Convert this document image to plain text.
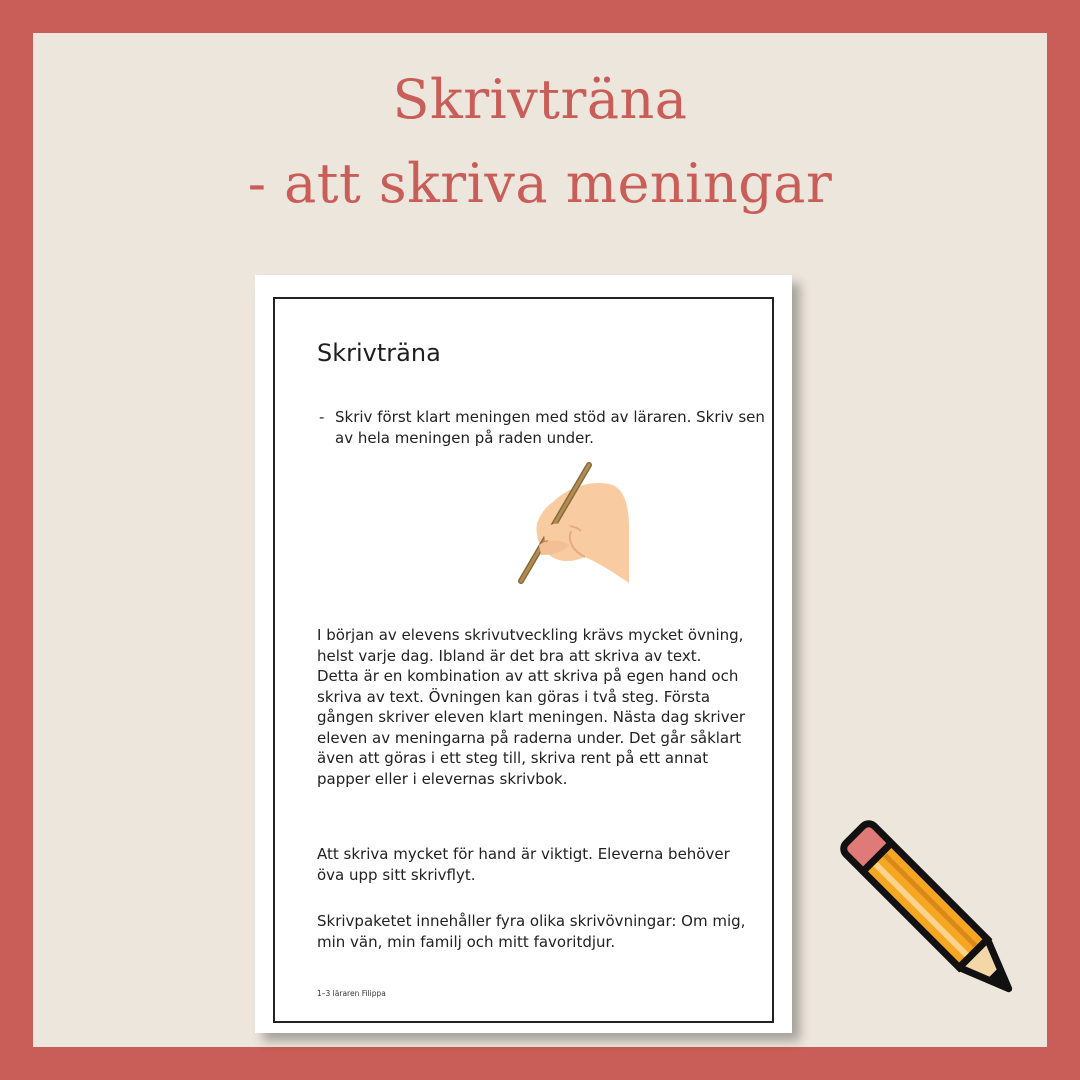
Skrivträna
- att skriva meningar
Skrivträna
- Skriv först klart meningen med stöd av läraren. Skriv sen av hela meningen på raden under.
I början av elevens skrivutveckling krävs mycket övning, helst varje dag. Ibland är det bra att skriva av text. Detta är en kombination av att skriva på egen hand och skriva av text. Övningen kan göras i två steg. Första gången skriver eleven klart meningen. Nästa dag skriver eleven av meningarna på raderna under. Det går såklart även att göras i ett steg till, skriva rent på ett annat papper eller i elevernas skrivbok.
Att skriva mycket för hand är viktigt. Eleverna behöver öva upp sitt skrivflyt.
Skrivpaketet innehåller fyra olika skrivövningar: Om mig, min vän, min familj och mitt favoritdjur.
1–3 läraren Filippa
